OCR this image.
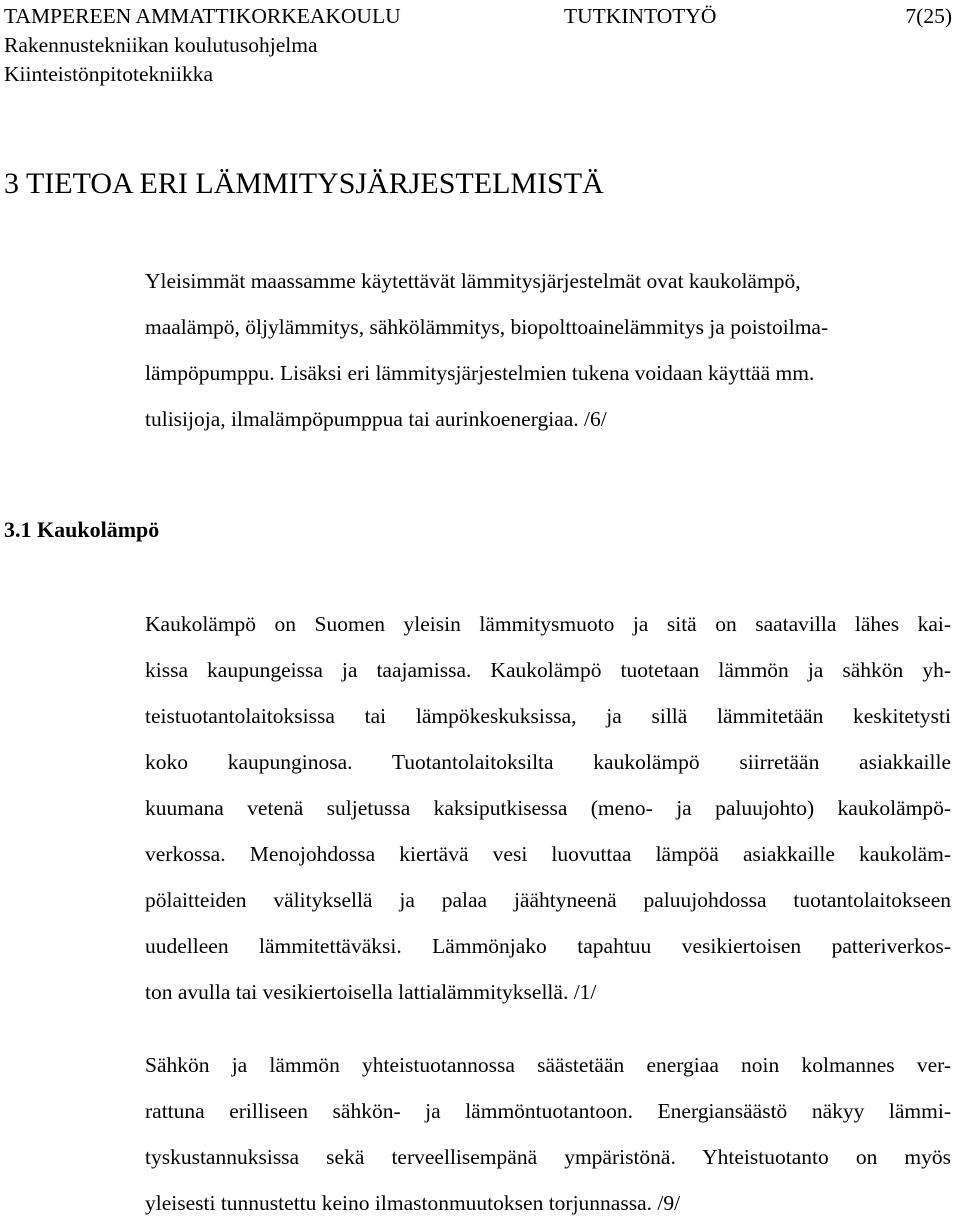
TAMPEREEN AMMATTIKORKEAKOULU	TUTKINTOTYÖ	7(25)
Rakennustekniikan koulutusohjelma
Kiinteistönpitotekniikka
3 TIETOA ERI LÄMMITYSJÄRJESTELMISTÄ
Yleisimmät maassamme käytettävät lämmitysjärjestelmät ovat kaukolämpö,
maalämpö, öljylämmitys, sähkölämmitys, biopolttoainelämmitys ja poistoilma-
lämpöpumppu. Lisäksi eri lämmitysjärjestelmien tukena voidaan käyttää mm.
tulisijoja, ilmalämpöpumppua tai aurinkoenergiaa. /6/
3.1 Kaukolämpö
Kaukolämpö on Suomen yleisin lämmitysmuoto ja sitä on saatavilla lähes kai-
kissa kaupungeissa ja taajamissa. Kaukolämpö tuotetaan lämmön ja sähkön yh-
teistuotantolaitoksissa tai lämpökeskuksissa, ja sillä lämmitetään keskitetysti
koko kaupunginosa. Tuotantolaitoksilta kaukolämpö siirretään asiakkaille
kuumana vetenä suljetussa kaksiputkisessa (meno- ja paluujohto) kaukolämpö-
verkossa. Menojohdossa kiertävä vesi luovuttaa lämpöä asiakkaille kaukoläm-
pölaitteiden välityksellä ja palaa jäähtyneenä paluujohdossa tuotantolaitokseen
uudelleen lämmitettäväksi. Lämmönjako tapahtuu vesikiertoisen patteriverkos-
ton avulla tai vesikiertoisella lattialämmityksellä. /1/
Sähkön ja lämmön yhteistuotannossa säästetään energiaa noin kolmannes ver-
rattuna erilliseen sähkön- ja lämmöntuotantoon. Energiansäästö näkyy lämmi-
tyskustannuksissa sekä terveellisempänä ympäristönä. Yhteistuotanto on myös
yleisesti tunnustettu keino ilmastonmuutoksen torjunnassa. /9/
